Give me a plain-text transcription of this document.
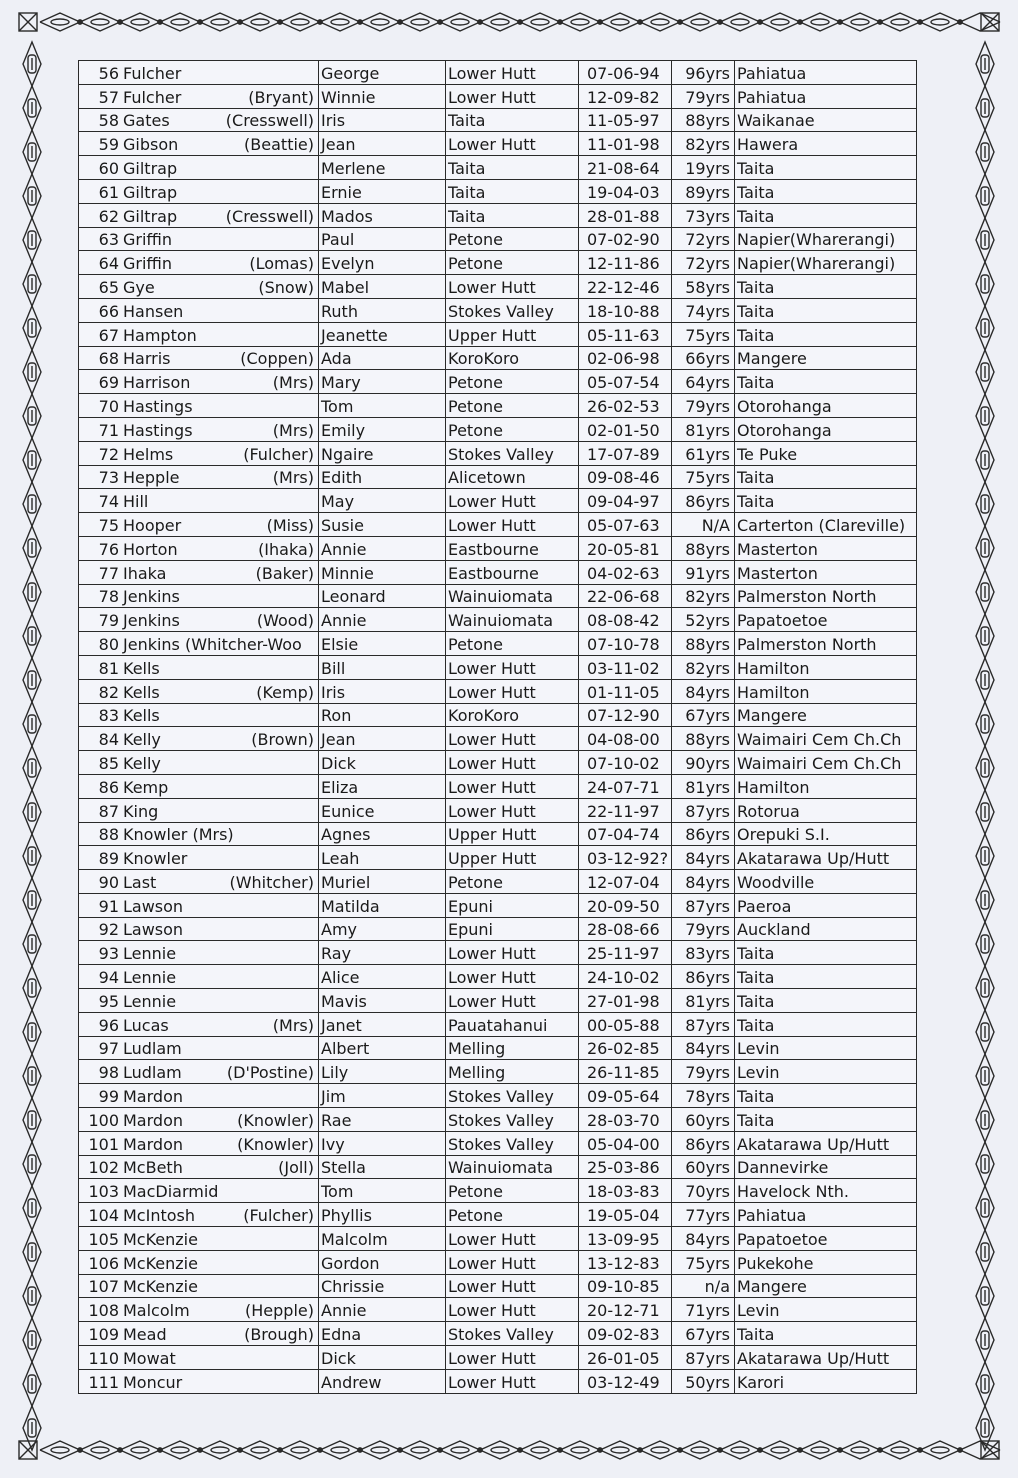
56 Fulcher	George	Lower Hutt	07-06-94	96yrs	Pahiatua

57 Fulcher (Bryant)	Winnie	Lower Hutt	12-09-82	79yrs	Pahiatua

58 Gates (Cresswell)	Iris	Taita	11-05-97	88yrs	Waikanae

59 Gibson (Beattie)	Jean	Lower Hutt	11-01-98	82yrs	Hawera

60 Giltrap	Merlene	Taita	21-08-64	19yrs	Taita

61 Giltrap	Ernie	Taita	19-04-03	89yrs	Taita

62 Giltrap (Cresswell)	Mados	Taita	28-01-88	73yrs	Taita

63 Griffin	Paul	Petone	07-02-90	72yrs	Napier(Wharerangi)

64 Griffin (Lomas)	Evelyn	Petone	12-11-86	72yrs	Napier(Wharerangi)

65 Gye (Snow)	Mabel	Lower Hutt	22-12-46	58yrs	Taita

66 Hansen	Ruth	Stokes Valley	18-10-88	74yrs	Taita

67 Hampton	Jeanette	Upper Hutt	05-11-63	75yrs	Taita

68 Harris (Coppen)	Ada	KoroKoro	02-06-98	66yrs	Mangere

69 Harrison (Mrs)	Mary	Petone	05-07-54	64yrs	Taita

70 Hastings	Tom	Petone	26-02-53	79yrs	Otorohanga

71 Hastings (Mrs)	Emily	Petone	02-01-50	81yrs	Otorohanga

72 Helms (Fulcher)	Ngaire	Stokes Valley	17-07-89	61yrs	Te Puke

73 Hepple (Mrs)	Edith	Alicetown	09-08-46	75yrs	Taita

74 Hill	May	Lower Hutt	09-04-97	86yrs	Taita

75 Hooper (Miss)	Susie	Lower Hutt	05-07-63	N/A	Carterton (Clareville)

76 Horton (Ihaka)	Annie	Eastbourne	20-05-81	88yrs	Masterton

77 Ihaka (Baker)	Minnie	Eastbourne	04-02-63	91yrs	Masterton

78 Jenkins	Leonard	Wainuiomata	22-06-68	82yrs	Palmerston North

79 Jenkins (Wood)	Annie	Wainuiomata	08-08-42	52yrs	Papatoetoe

80 Jenkins (Whitcher-Woo	Elsie	Petone	07-10-78	88yrs	Palmerston North

81 Kells	Bill	Lower Hutt	03-11-02	82yrs	Hamilton

82 Kells (Kemp)	Iris	Lower Hutt	01-11-05	84yrs	Hamilton

83 Kells	Ron	KoroKoro	07-12-90	67yrs	Mangere

84 Kelly (Brown)	Jean	Lower Hutt	04-08-00	88yrs	Waimairi Cem Ch.Ch

85 Kelly	Dick	Lower Hutt	07-10-02	90yrs	Waimairi Cem Ch.Ch

86 Kemp	Eliza	Lower Hutt	24-07-71	81yrs	Hamilton

87 King	Eunice	Lower Hutt	22-11-97	87yrs	Rotorua

88 Knowler (Mrs)	Agnes	Upper Hutt	07-04-74	86yrs	Orepuki S.I.

89 Knowler	Leah	Upper Hutt	03-12-92?	84yrs	Akatarawa Up/Hutt

90 Last (Whitcher)	Muriel	Petone	12-07-04	84yrs	Woodville

91 Lawson	Matilda	Epuni	20-09-50	87yrs	Paeroa

92 Lawson	Amy	Epuni	28-08-66	79yrs	Auckland

93 Lennie	Ray	Lower Hutt	25-11-97	83yrs	Taita

94 Lennie	Alice	Lower Hutt	24-10-02	86yrs	Taita

95 Lennie	Mavis	Lower Hutt	27-01-98	81yrs	Taita

96 Lucas (Mrs)	Janet	Pauatahanui	00-05-88	87yrs	Taita

97 Ludlam	Albert	Melling	26-02-85	84yrs	Levin

98 Ludlam (D'Postine)	Lily	Melling	26-11-85	79yrs	Levin

99 Mardon	Jim	Stokes Valley	09-05-64	78yrs	Taita

100 Mardon (Knowler)	Rae	Stokes Valley	28-03-70	60yrs	Taita

101 Mardon (Knowler)	Ivy	Stokes Valley	05-04-00	86yrs	Akatarawa Up/Hutt

102 McBeth (Joll)	Stella	Wainuiomata	25-03-86	60yrs	Dannevirke

103 MacDiarmid	Tom	Petone	18-03-83	70yrs	Havelock Nth.

104 McIntosh (Fulcher)	Phyllis	Petone	19-05-04	77yrs	Pahiatua

105 McKenzie	Malcolm	Lower Hutt	13-09-95	84yrs	Papatoetoe

106 McKenzie	Gordon	Lower Hutt	13-12-83	75yrs	Pukekohe

107 McKenzie	Chrissie	Lower Hutt	09-10-85	n/a	Mangere

108 Malcolm (Hepple)	Annie	Lower Hutt	20-12-71	71yrs	Levin

109 Mead (Brough)	Edna	Stokes Valley	09-02-83	67yrs	Taita

110 Mowat	Dick	Lower Hutt	26-01-05	87yrs	Akatarawa Up/Hutt

111 Moncur	Andrew	Lower Hutt	03-12-49	50yrs	Karori
